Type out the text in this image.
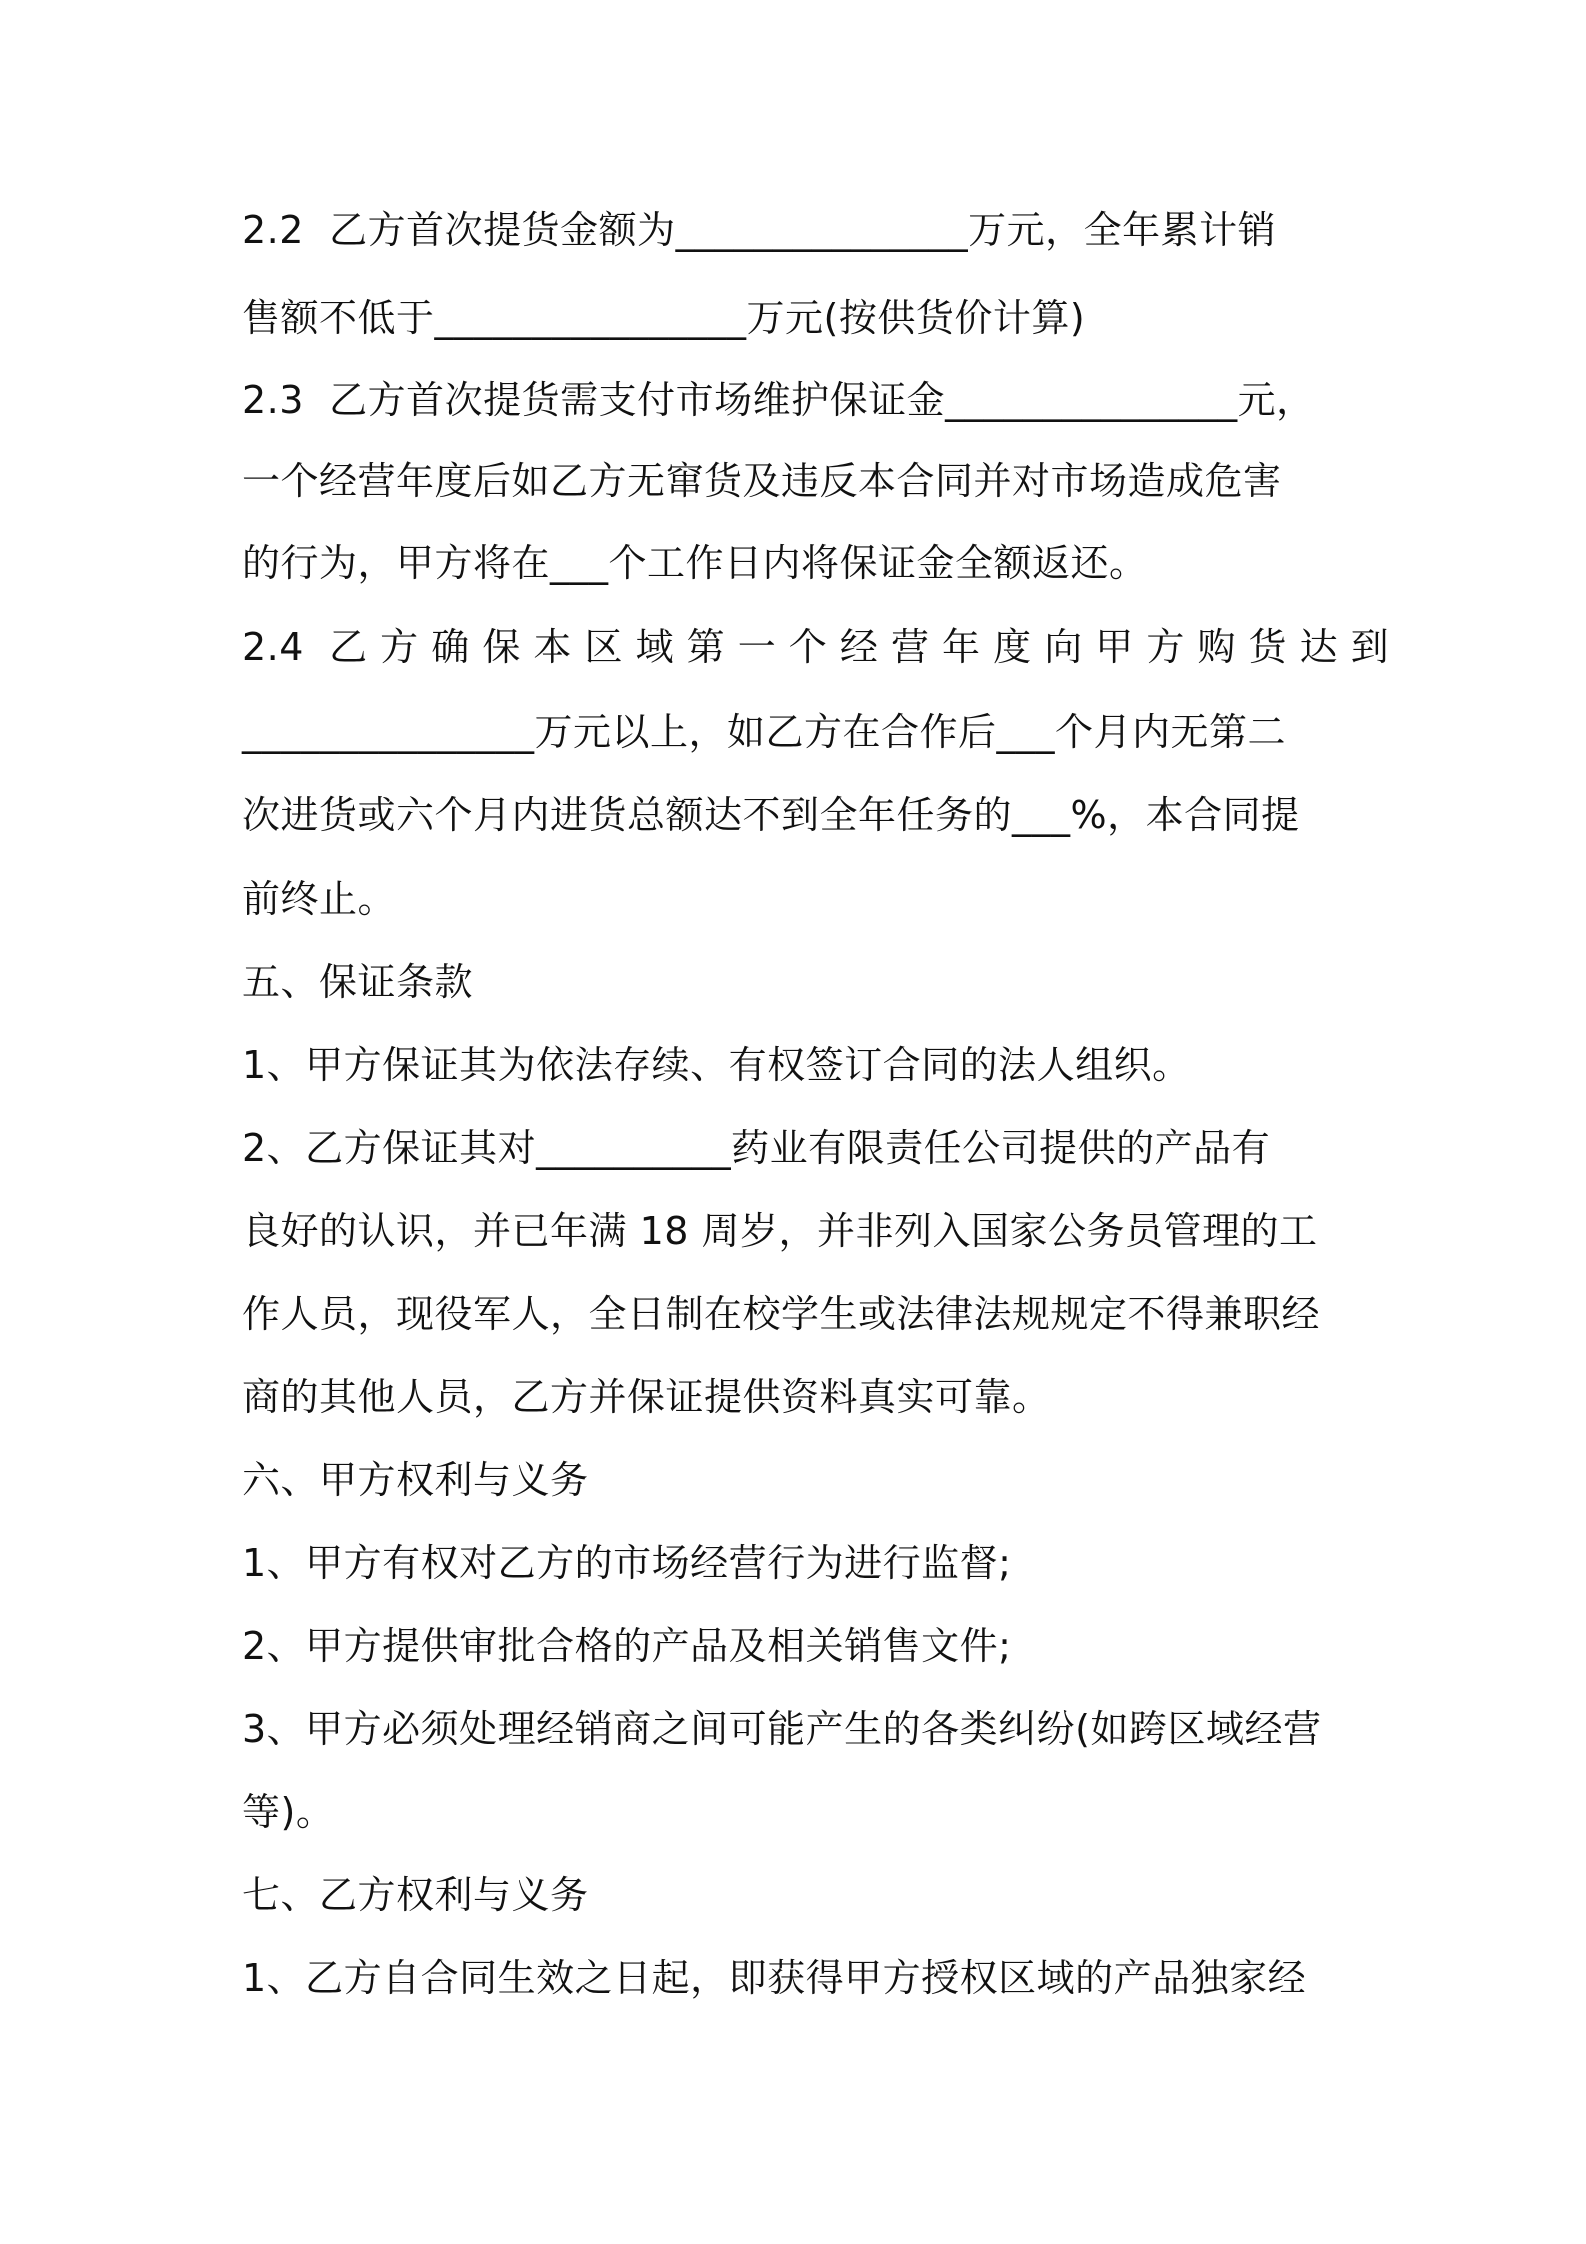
2.2  乙方首次提货金额为_______________万元，全年累计销

售额不低于________________万元(按供货价计算)

2.3  乙方首次提货需支付市场维护保证金_______________元，

一个经营年度后如乙方无窜货及违反本合同并对市场造成危害

的行为，甲方将在___个工作日内将保证金全额返还。

2.4  乙 方 确 保 本 区 域 第 一 个 经 营 年 度 向 甲 方 购 货 达 到

_______________万元以上，如乙方在合作后___个月内无第二

次进货或六个月内进货总额达不到全年任务的___%，本合同提

前终止。

五、保证条款

1、甲方保证其为依法存续、有权签订合同的法人组织。

2、乙方保证其对__________药业有限责任公司提供的产品有

良好的认识，并已年满 18 周岁，并非列入国家公务员管理的工

作人员，现役军人，全日制在校学生或法律法规规定不得兼职经

商的其他人员，乙方并保证提供资料真实可靠。

六、甲方权利与义务

1、甲方有权对乙方的市场经营行为进行监督;

2、甲方提供审批合格的产品及相关销售文件;

3、甲方必须处理经销商之间可能产生的各类纠纷(如跨区域经营

等)。

七、乙方权利与义务

1、乙方自合同生效之日起，即获得甲方授权区域的产品独家经
